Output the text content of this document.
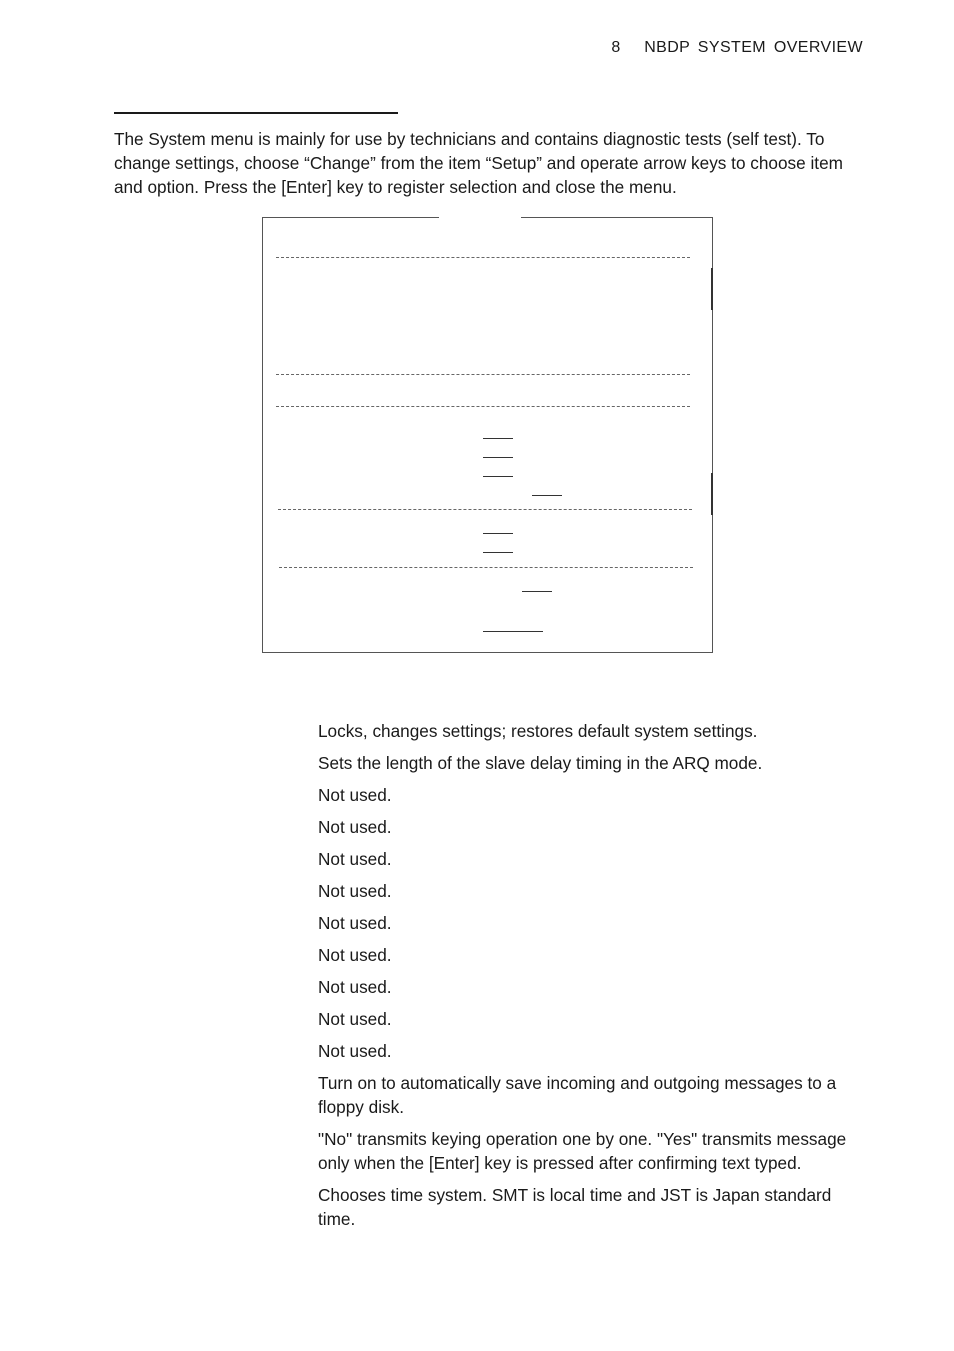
8 NBDP SYSTEM OVERVIEW

The System menu is mainly for use by technicians and contains diagnostic tests (self test). To change settings, choose “Change” from the item “Setup” and operate arrow keys to choose item and option. Press the [Enter] key to register selection and close the menu.

Locks, changes settings; restores default system settings.
Sets the length of the slave delay timing in the ARQ mode.
Not used.
Not used.
Not used.
Not used.
Not used.
Not used.
Not used.
Not used.
Not used.
Turn on to automatically save incoming and outgoing messages to a floppy disk.
"No" transmits keying operation one by one. "Yes" transmits message only when the [Enter] key is pressed after confirming text typed.
Chooses time system. SMT is local time and JST is Japan standard time.
